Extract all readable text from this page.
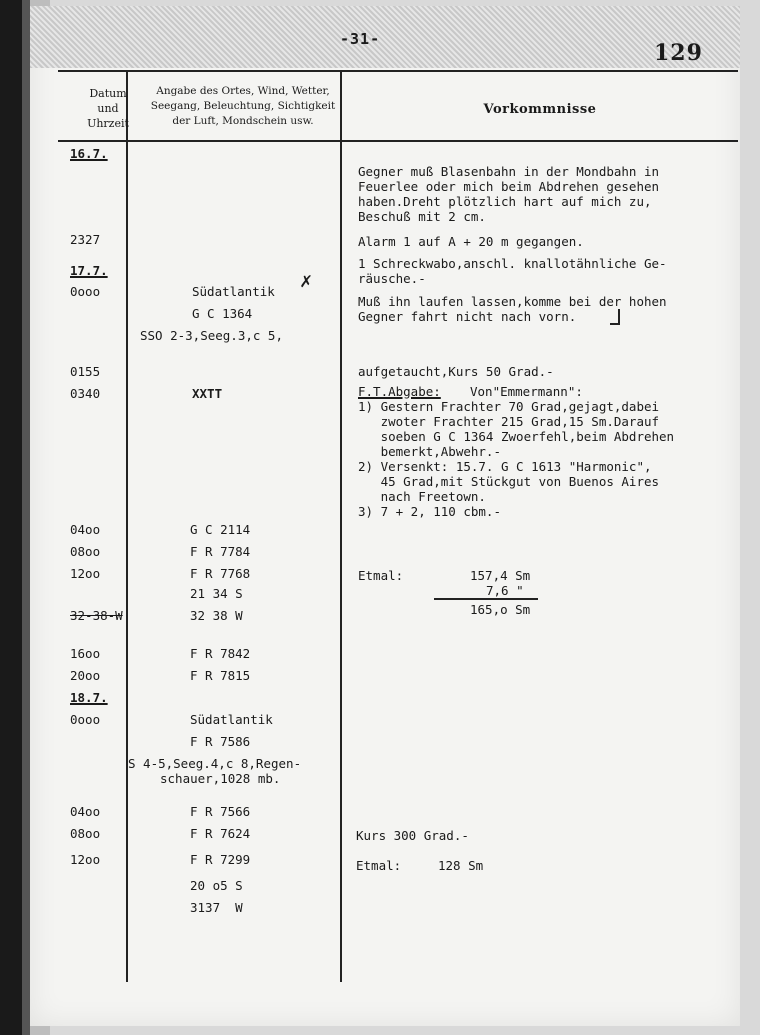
-31-
129
Datum
und
Uhrzeit
Angabe des Ortes, Wind, Wetter,
Seegang, Beleuchtung, Sichtigkeit
der Luft, Mondschein usw.
Vorkommnisse
16.7.
2327
17.7.
0ooo
0155
0340
04oo
08oo
12oo
32-38-W
16oo
20oo
18.7.
0ooo
04oo
08oo
12oo
Südatlantik ✗
G C 1364
SSO 2-3,Seeg.3,c 5,
XXTT
G C 2114
F R 7784
F R 7768
21 34 S
32 38 W
F R 7842
F R 7815
Südatlantik
F R 7586
S 4-5,Seeg.4,c 8,Regen-
schauer,1028 mb.
F R 7566
F R 7624
F R 7299
20 o5 S
3137  W
Gegner muß Blasenbahn in der Mondbahn in
Feuerlee oder mich beim Abdrehen gesehen
haben.Dreht plötzlich hart auf mich zu,
Beschuß mit 2 cm.
Alarm 1 auf A + 20 m gegangen.
1 Schreckwabo,anschl. knallotähnliche Ge-
räusche.-
Muß ihn laufen lassen,komme bei der hohen
Gegner fahrt nicht nach vorn.
aufgetaucht,Kurs 50 Grad.-
F.T.Abgabe: Von"Emmermann":
1) Gestern Frachter 70 Grad,gejagt,dabei
zwoter Frachter 215 Grad,15 Sm.Darauf
soeben G C 1364 Zwoerfehl,beim Abdrehen
bemerkt,Abwehr.-
2) Versenkt: 15.7. G C 1613 "Harmonic",
45 Grad,mit Stückgut von Buenos Aires
nach Freetown.
3) 7 + 2, 110 cbm.-
Etmal:	157,4 Sm
7,6 "
165,o Sm
Kurs 300 Grad.-
Etmal:	128 Sm
